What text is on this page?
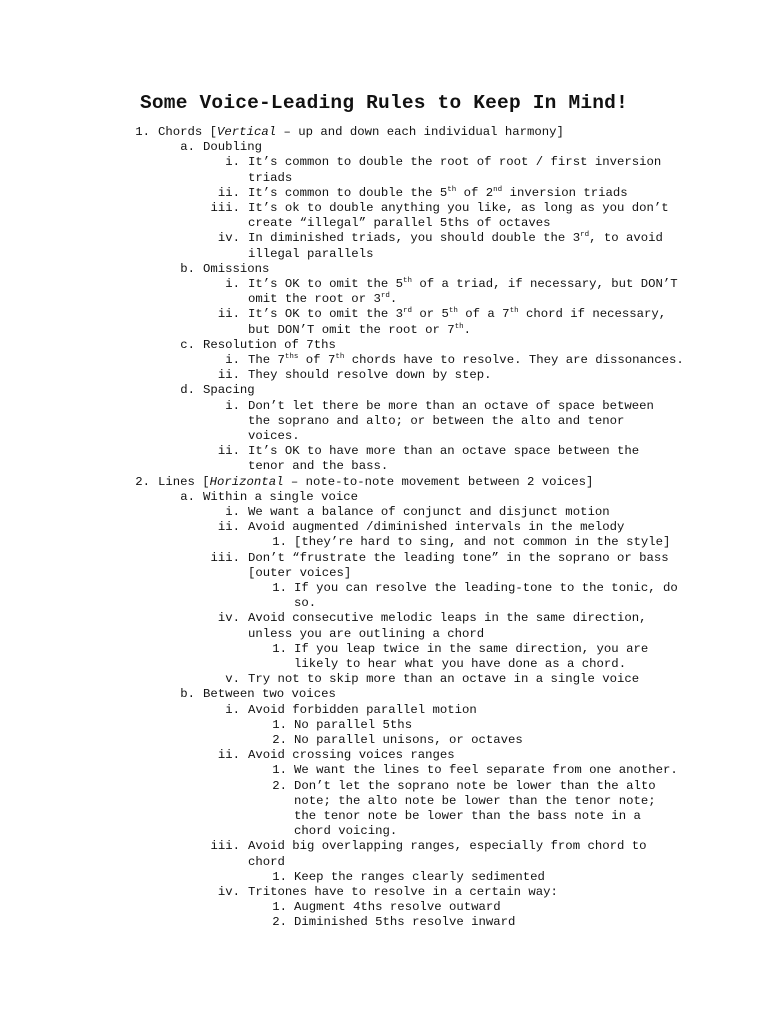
Some Voice-Leading Rules to Keep In Mind!
1. Chords [Vertical – up and down each individual harmony]
a. Doubling
i. It’s common to double the root of root / first inversion
triads
ii. It’s common to double the 5th of 2nd inversion triads
iii. It’s ok to double anything you like, as long as you don’t
create “illegal” parallel 5ths of octaves
iv. In diminished triads, you should double the 3rd, to avoid
illegal parallels
b. Omissions
i. It’s OK to omit the 5th of a triad, if necessary, but DON’T
omit the root or 3rd.
ii. It’s OK to omit the 3rd or 5th of a 7th chord if necessary,
but DON’T omit the root or 7th.
c. Resolution of 7ths
i. The $7^{ths}$ of 7th chords have to resolve. They are dissonances.
ii. They should resolve down by step.
d. Spacing
i. Don’t let there be more than an octave of space between
the soprano and alto; or between the alto and tenor
voices.
ii. It’s OK to have more than an octave space between the
tenor and the bass.
2. Lines [Horizontal – note-to-note movement between 2 voices]
a. Within a single voice
i. We want a balance of conjunct and disjunct motion
ii. Avoid augmented /diminished intervals in the melody
1. [they’re hard to sing, and not common in the style]
iii. Don’t “frustrate the leading tone” in the soprano or bass
[outer voices]
1. If you can resolve the leading-tone to the tonic, do
so.
iv. Avoid consecutive melodic leaps in the same direction,
unless you are outlining a chord
1. If you leap twice in the same direction, you are
likely to hear what you have done as a chord.
v. Try not to skip more than an octave in a single voice
b. Between two voices
i. Avoid forbidden parallel motion
1. No parallel 5ths
2. No parallel unisons, or octaves
ii. Avoid crossing voices ranges
1. We want the lines to feel separate from one another.
2. Don’t let the soprano note be lower than the alto
note; the alto note be lower than the tenor note;
the tenor note be lower than the bass note in a
chord voicing.
iii. Avoid big overlapping ranges, especially from chord to
chord
1. Keep the ranges clearly sedimented
iv. Tritones have to resolve in a certain way:
1. Augment 4ths resolve outward
2. Diminished 5ths resolve inward
